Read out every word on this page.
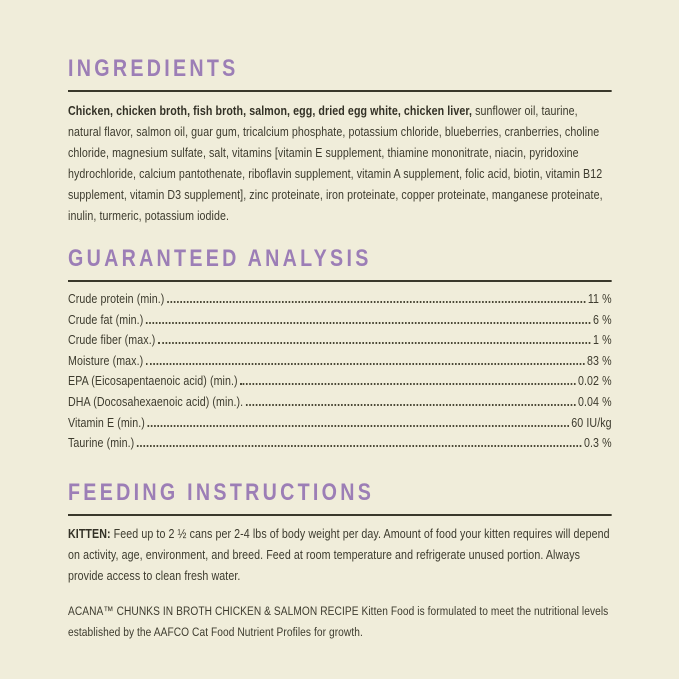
INGREDIENTS

Chicken, chicken broth, fish broth, salmon, egg, dried egg white, chicken liver, sunflower oil, taurine, natural flavor, salmon oil, guar gum, tricalcium phosphate, potassium chloride, blueberries, cranberries, choline chloride, magnesium sulfate, salt, vitamins [vitamin E supplement, thiamine mononitrate, niacin, pyridoxine hydrochloride, calcium pantothenate, riboflavin supplement, vitamin A supplement, folic acid, biotin, vitamin B12 supplement, vitamin D3 supplement], zinc proteinate, iron proteinate, copper proteinate, manganese proteinate, inulin, turmeric, potassium iodide.

GUARANTEED ANALYSIS
Crude protein (min.)	11 %
Crude fat (min.)	6 %
Crude fiber (max.)	1 %
Moisture (max.)	83 %
EPA (Eicosapentaenoic acid) (min.)	0.02 %
DHA (Docosahexaenoic acid) (min.).	0.04 %
Vitamin E (min.)	60 IU/kg
Taurine (min.)	0.3 %
FEEDING INSTRUCTIONS

KITTEN: Feed up to 2 ½ cans per 2-4 lbs of body weight per day. Amount of food your kitten requires will depend on activity, age, environment, and breed. Feed at room temperature and refrigerate unused portion. Always provide access to clean fresh water.

ACANA™ CHUNKS IN BROTH CHICKEN & SALMON RECIPE Kitten Food is formulated to meet the nutritional levels established by the AAFCO Cat Food Nutrient Profiles for growth.
